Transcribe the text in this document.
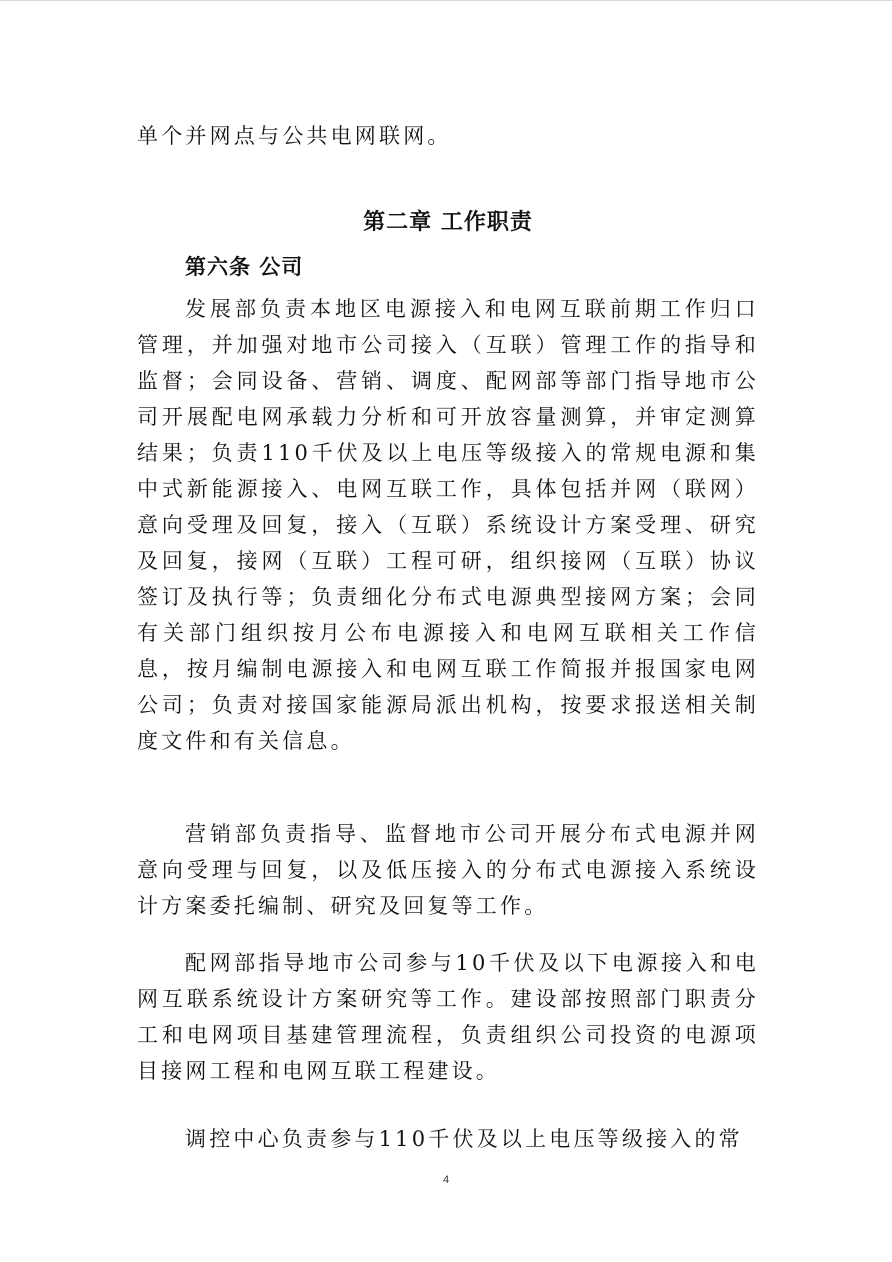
单个并网点与公共电网联网。

第二章 工作职责
第六条 公司

发展部负责本地区电源接入和电网互联前期工作归口管理，并加强对地市公司接入（互联）管理工作的指导和监督；会同设备、营销、调度、配网部等部门指导地市公司开展配电网承载力分析和可开放容量测算，并审定测算结果；负责110千伏及以上电压等级接入的常规电源和集中式新能源接入、电网互联工作，具体包括并网（联网）意向受理及回复，接入（互联）系统设计方案受理、研究及回复，接网（互联）工程可研，组织接网（互联）协议签订及执行等；负责细化分布式电源典型接网方案；会同有关部门组织按月公布电源接入和电网互联相关工作信息，按月编制电源接入和电网互联工作简报并报国家电网公司；负责对接国家能源局派出机构，按要求报送相关制度文件和有关信息。

营销部负责指导、监督地市公司开展分布式电源并网意向受理与回复，以及低压接入的分布式电源接入系统设计方案委托编制、研究及回复等工作。

配网部指导地市公司参与10千伏及以下电源接入和电网互联系统设计方案研究等工作。建设部按照部门职责分工和电网项目基建管理流程，负责组织公司投资的电源项目接网工程和电网互联工程建设。

调控中心负责参与110千伏及以上电压等级接入的常

4
